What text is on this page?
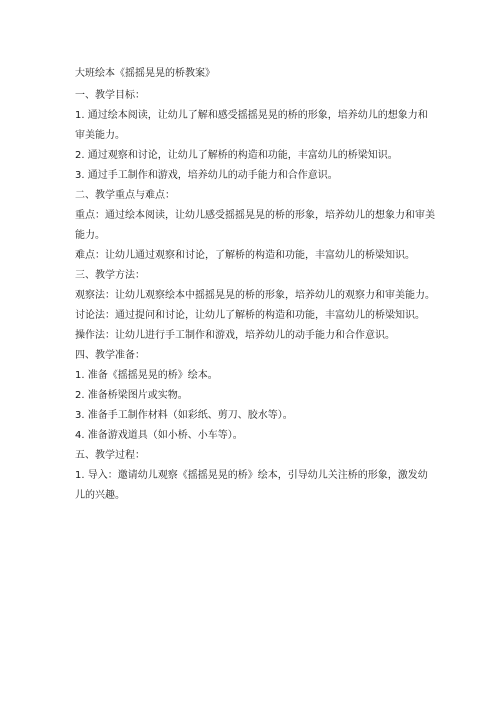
大班绘本《摇摇晃晃的桥教案》
一、教学目标：
1. 通过绘本阅读，让幼儿了解和感受摇摇晃晃的桥的形象，培养幼儿的想象力和审美能力。
2. 通过观察和讨论，让幼儿了解桥的构造和功能，丰富幼儿的桥梁知识。
3. 通过手工制作和游戏，培养幼儿的动手能力和合作意识。
二、教学重点与难点：
重点：通过绘本阅读，让幼儿感受摇摇晃晃的桥的形象，培养幼儿的想象力和审美能力。
难点：让幼儿通过观察和讨论，了解桥的构造和功能，丰富幼儿的桥梁知识。
三、教学方法：
观察法：让幼儿观察绘本中摇摇晃晃的桥的形象，培养幼儿的观察力和审美能力。
讨论法：通过提问和讨论，让幼儿了解桥的构造和功能，丰富幼儿的桥梁知识。
操作法：让幼儿进行手工制作和游戏，培养幼儿的动手能力和合作意识。
四、教学准备：
1. 准备《摇摇晃晃的桥》绘本。
2. 准备桥梁图片或实物。
3. 准备手工制作材料（如彩纸、剪刀、胶水等）。
4. 准备游戏道具（如小桥、小车等）。
五、教学过程：
1. 导入：邀请幼儿观察《摇摇晃晃的桥》绘本，引导幼儿关注桥的形象，激发幼儿的兴趣。
